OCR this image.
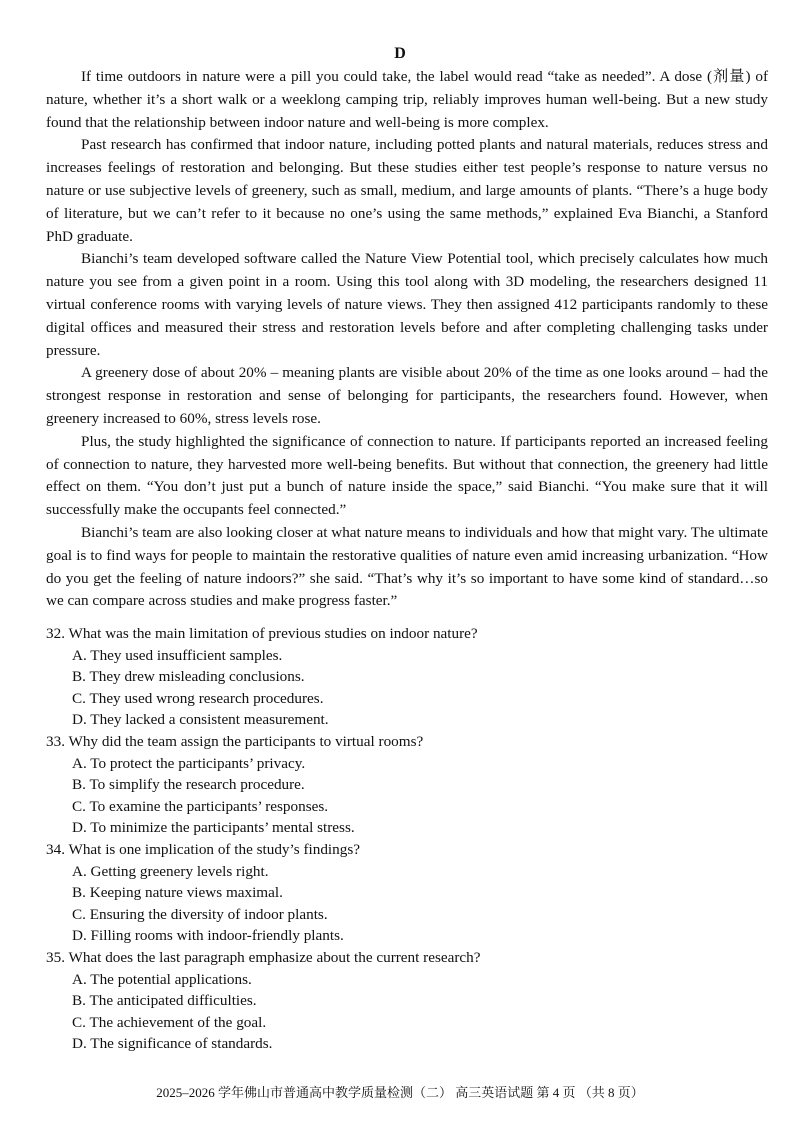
D

If time outdoors in nature were a pill you could take, the label would read “take as needed”. A dose (剂量) of nature, whether it’s a short walk or a weeklong camping trip, reliably improves human well-being. But a new study found that the relationship between indoor nature and well-being is more complex.

Past research has confirmed that indoor nature, including potted plants and natural materials, reduces stress and increases feelings of restoration and belonging. But these studies either test people’s response to nature versus no nature or use subjective levels of greenery, such as small, medium, and large amounts of plants. “There’s a huge body of literature, but we can’t refer to it because no one’s using the same methods,” explained Eva Bianchi, a Stanford PhD graduate.

Bianchi’s team developed software called the Nature View Potential tool, which precisely calculates how much nature you see from a given point in a room. Using this tool along with 3D modeling, the researchers designed 11 virtual conference rooms with varying levels of nature views. They then assigned 412 participants randomly to these digital offices and measured their stress and restoration levels before and after completing challenging tasks under pressure.

A greenery dose of about 20% – meaning plants are visible about 20% of the time as one looks around – had the strongest response in restoration and sense of belonging for participants, the researchers found. However, when greenery increased to 60%, stress levels rose.

Plus, the study highlighted the significance of connection to nature. If participants reported an increased feeling of connection to nature, they harvested more well-being benefits. But without that connection, the greenery had little effect on them. “You don’t just put a bunch of nature inside the space,” said Bianchi. “You make sure that it will successfully make the occupants feel connected.”

Bianchi’s team are also looking closer at what nature means to individuals and how that might vary. The ultimate goal is to find ways for people to maintain the restorative qualities of nature even amid increasing urbanization. “How do you get the feeling of nature indoors?” she said. “That’s why it’s so important to have some kind of standard…so we can compare across studies and make progress faster.”

32. What was the main limitation of previous studies on indoor nature?
A. They used insufficient samples.
B. They drew misleading conclusions.
C. They used wrong research procedures.
D. They lacked a consistent measurement.
33. Why did the team assign the participants to virtual rooms?
A. To protect the participants’ privacy.
B. To simplify the research procedure.
C. To examine the participants’ responses.
D. To minimize the participants’ mental stress.
34. What is one implication of the study’s findings?
A. Getting greenery levels right.
B. Keeping nature views maximal.
C. Ensuring the diversity of indoor plants.
D. Filling rooms with indoor-friendly plants.
35. What does the last paragraph emphasize about the current research?
A. The potential applications.
B. The anticipated difficulties.
C. The achievement of the goal.
D. The significance of standards.
2025–2026 学年佛山市普通高中教学质量检测（二） 高三英语试题 第 4 页 （共 8 页）
